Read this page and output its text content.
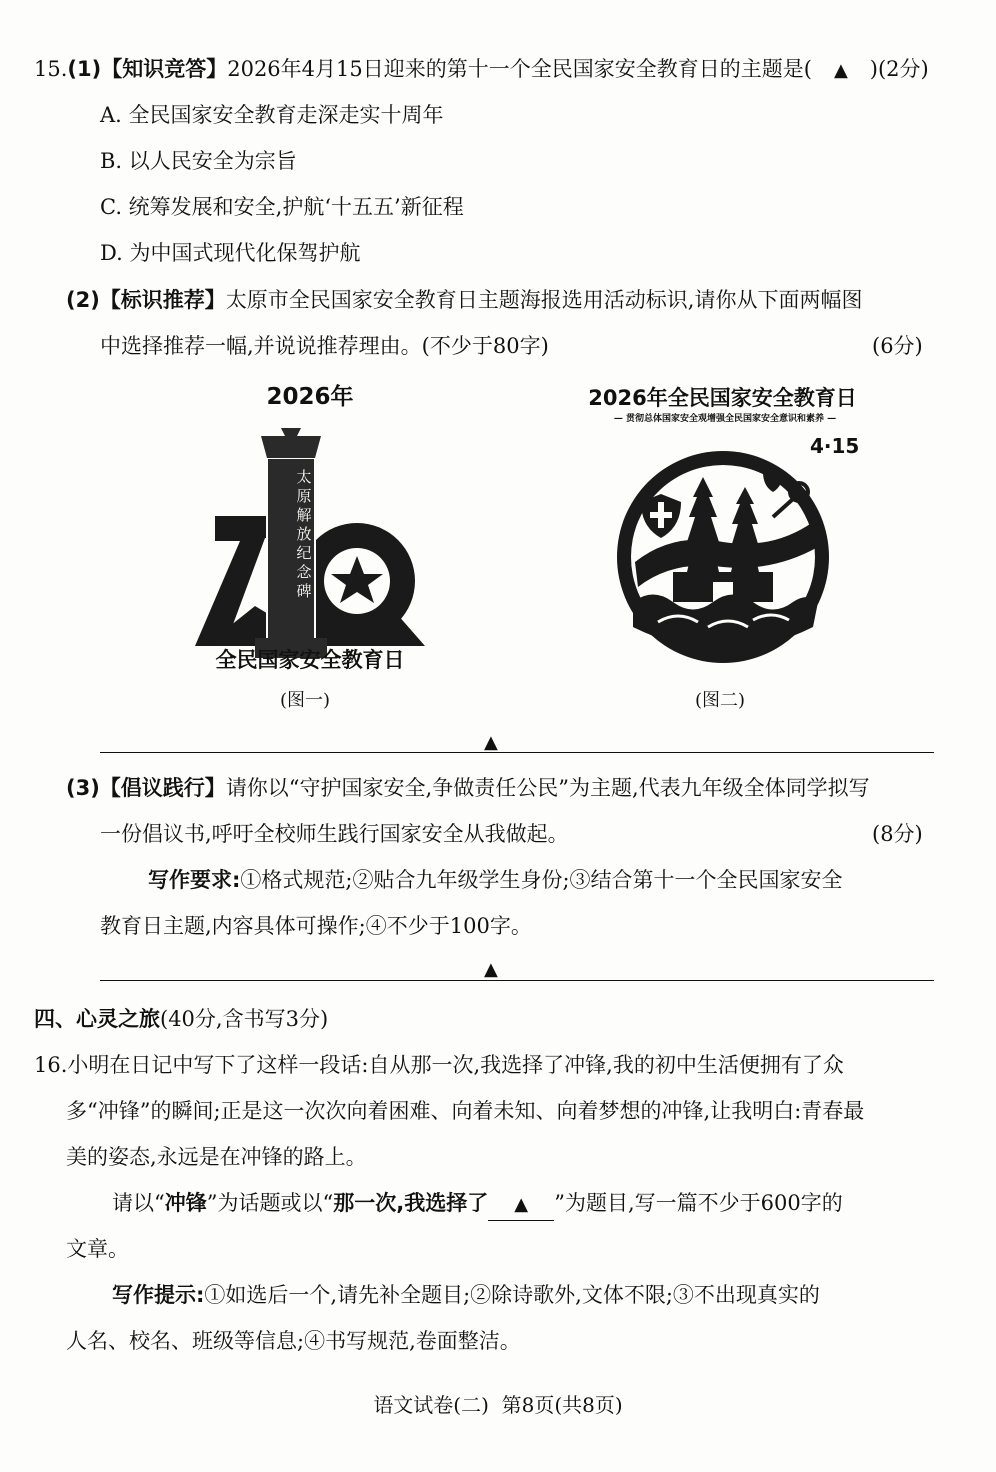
15.(1)【知识竞答】2026年4月15日迎来的第十一个全民国家安全教育日的主题是( ▲ )(2分)
A. 全民国家安全教育走深走实十周年
B. 以人民安全为宗旨
C. 统筹发展和安全,护航‘十五五’新征程
D. 为中国式现代化保驾护航
(2)【标识推荐】太原市全民国家安全教育日主题海报选用活动标识,请你从下面两幅图
中选择推荐一幅,并说说推荐理由。(不少于80字)	(6分)
2026年
太
原
解
放
纪
念
碑
全民国家安全教育日
(图一)
2026年全民国家安全教育日
— 贯彻总体国家安全观增强全民国家安全意识和素养 —
4·15
(图二)
▲
(3)【倡议践行】请你以“守护国家安全,争做责任公民”为主题,代表九年级全体同学拟写
一份倡议书,呼吁全校师生践行国家安全从我做起。	(8分)
写作要求:①格式规范;②贴合九年级学生身份;③结合第十一个全民国家安全
教育日主题,内容具体可操作;④不少于100字。
▲
四、心灵之旅(40分,含书写3分)
16.小明在日记中写下了这样一段话:自从那一次,我选择了冲锋,我的初中生活便拥有了众
多“冲锋”的瞬间;正是这一次次向着困难、向着未知、向着梦想的冲锋,让我明白:青春最
美的姿态,永远是在冲锋的路上。
请以“冲锋”为话题或以“那一次,我选择了 ▲ ”为题目,写一篇不少于600字的
文章。
写作提示:①如选后一个,请先补全题目;②除诗歌外,文体不限;③不出现真实的
人名、校名、班级等信息;④书写规范,卷面整洁。
语文试卷(二)  第8页(共8页)
